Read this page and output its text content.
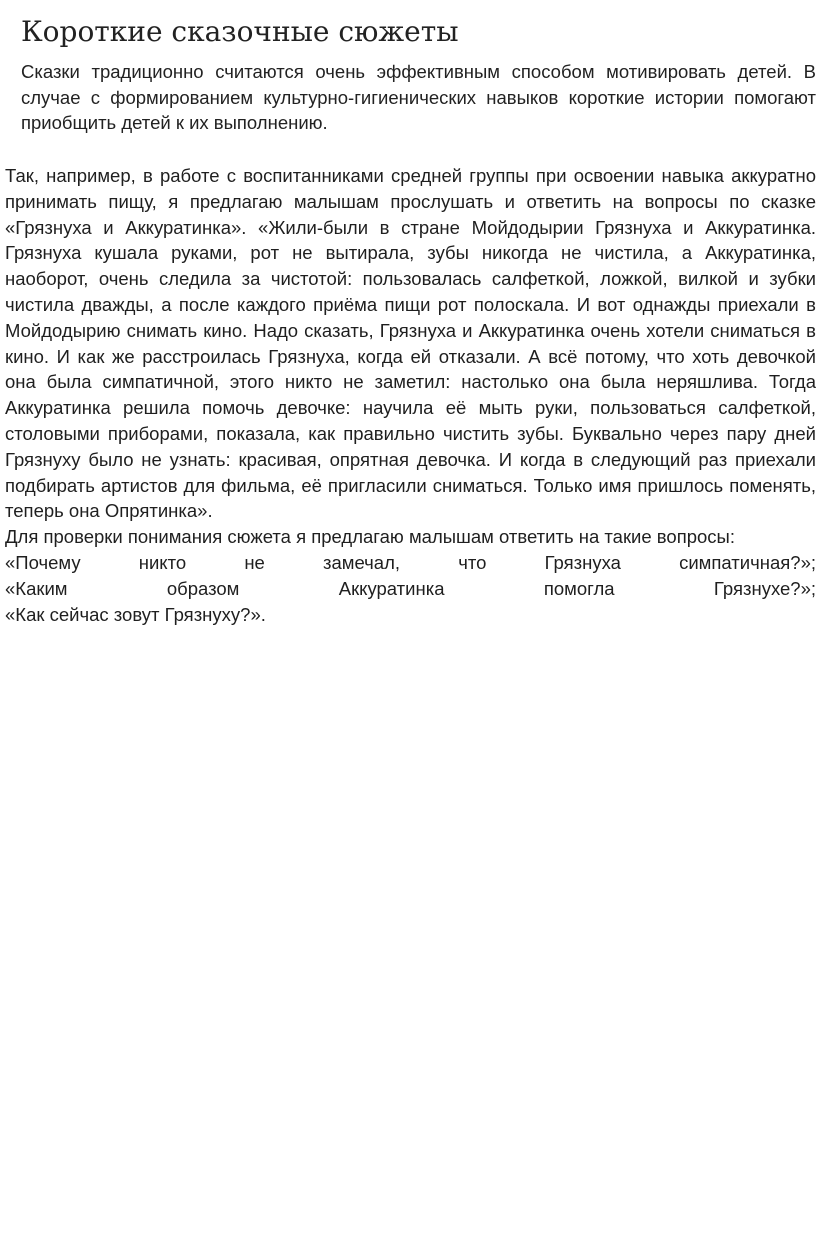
Короткие сказочные сюжеты

Сказки традиционно считаются очень эффективным способом мотивировать детей. В случае с формированием культурно-гигиенических навыков короткие истории помогают приобщить детей к их выполнению.

Так, например, в работе с воспитанниками средней группы при освоении навыка аккуратно принимать пищу, я предлагаю малышам прослушать и ответить на вопросы по сказке «Грязнуха и Аккуратинка». «Жили-были в стране Мойдодырии Грязнуха и Аккуратинка. Грязнуха кушала руками, рот не вытирала, зубы никогда не чистила, а Аккуратинка, наоборот, очень следила за чистотой: пользовалась салфеткой, ложкой, вилкой и зубки чистила дважды, а после каждого приёма пищи рот полоскала. И вот однажды приехали в Мойдодырию снимать кино. Надо сказать, Грязнуха и Аккуратинка очень хотели сниматься в кино. И как же расстроилась Грязнуха, когда ей отказали. А всё потому, что хоть девочкой она была симпатичной, этого никто не заметил: настолько она была неряшлива. Тогда Аккуратинка решила помочь девочке: научила её мыть руки, пользоваться салфеткой, столовыми приборами, показала, как правильно чистить зубы. Буквально через пару дней Грязнуху было не узнать: красивая, опрятная девочка. И когда в следующий раз приехали подбирать артистов для фильма, её пригласили сниматься. Только имя пришлось поменять, теперь она Опрятинка».

Для проверки понимания сюжета я предлагаю малышам ответить на такие вопросы:

«Почему никто не замечал, что Грязнуха симпатичная?»;
«Каким образом Аккуратинка помогла Грязнухе?»;
«Как сейчас зовут Грязнуху?».
